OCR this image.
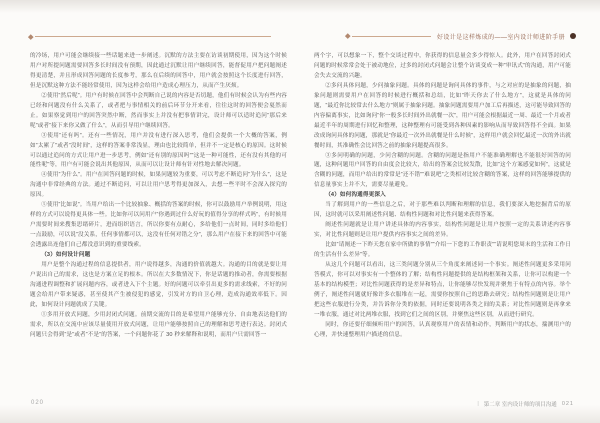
好设计是这样炼成的——室内设计师进阶手册

的冷场，用户可能会继续接一些话题来进一步阐述。沉默的方法主要在访谈初期使用，因为这个时候用户对所提问题需要回答多长时间没有预期，因此通过沉默让用户继续回答，能督促用户把问题阐述得更清楚，并且形成回答问题的长度参考，那么在后续的回答中，用户就会按照这个长度进行回答，但是沉默这种方法不能经常使用，因为这样会给用户造成心理压力，从而产生厌烦。

②使用“然后呢”。用户有时候在回答中会判断自己说的内容是否切题，他们有时候会认为有些内容已经和问题没有什么关系了，或者把与事情相关的前后环节分开来看，往往这时的回答便会戛然而止。如果察觉到用户的回答突然中断，然而事实上并没有把事情讲完，设计师可以适时追问“那后来呢”或者“接下来你又做了什么”，从而引导用户继续回答。

③使用“还有吗”。还有一些情况，用户并没有进行深入思考，他们会提供一个大概的答案，例如“太累了”或者“没时间”，这样的答案非常浅显，理由也比较简单，但并不一定是核心的原因。这时候可以通过追问的方式让用户进一步思考，例如“还有别的原因吗”“这是一种可能性，还有没有其他的可能性呢”等，用户有可能会说出其他原因，从而可以让设计师有针对性地去解决问题。

④使用“为什么”。用户在回答问题的时候，如果问题较为重要，可以考虑不断追问“为什么”，这是沟通中非常经典的方法。通过不断追问，可以让用户思考得更加深入，去想一些平时不会深入探究的原因。

⑤使用“比如说”。当用户给出一个比较抽象、概括的答案的时候，你可以鼓励用户举例说明，用这样的方式可以说得更具体一些。比如你可以问用户“你遇到过什么好玩的值得分享的样式吗”，有时候用户需要时间来搜集思绪碎片，进而组织语言，所以你要有点耐心，多给他们一点时间，同时多给他们一点鼓励，可以说“没关系，任何事情都可以，这没有任何对错之分”，那么用户在接下来的回答中可能会透露出连他们自己都没意识到的重要线索。

（3）如何设计问题

用户是整个沟通过程的信息提供者，用户说得越多，沟通的价值就越大。沟通的目的就是要让用户说出自己的需求，这也是方案立足的根本。所以在大多数情况下，你是话题的推动者，你需要根据沟通进程调整和扩展问题内容，或者进入下个主题。好的问题可以牵引出更多的需求线索，不好的问题会给用户带来疑惑，甚至使其产生被侵犯的感觉，引发对方的自卫心理，造成沟通效率低下。因此，如何设计问题就成了关键。

①多用开放式问题，少用封闭式问题。前期交流的目的是希望用户能够充分、自由地表达他们的需求，所以在交流中应该尽量使用开放式问题，让用户能够按照自己的理解和思考进行表达。封闭式问题只会得到“是”或者“不是”的答案，一个问题你花了 30 秒来解释和说明，而用户只需回答一

两个字，可以想象一下，整个交谈过程中，你获得的信息量会多少得惊人。此外，用户在回答封闭式问题的时候常常会处于被动地位，过多的封闭式问题会让整个访谈变成一种“审讯式”的沟通，用户可能会失去交流的兴趣。

②多问具体问题，少问抽象问题。具体的问题是询问具体的事件，与之对应的是抽象的问题，抽象问题则需要用户在回答的时候进行概括和总结，比如“昨天你去了什么地方”，这就是具体的问题，“最近你比较常去什么地方”则属于抽象问题。抽象问题需要用户加工后再描述，这可能导致回答的内容偏离事实，比如询问“你一般多长时间外出就餐一次”，用户可能会根据最近一周、最近一个月或者最近半年的周期进行回忆和整理，这种整理有可能受到各种因素的影响从而导致回答得不全面。如果改成询问具体的问题，那就是“你最近一次外出就餐是什么时候”，这样用户就会回忆最近一次的外出就餐时间，其准确性会比回答之前的抽象问题提高很多。

③多问明确的问题，少问含糊的问题。含糊的问题是指用户不能准确理解也不能很好回答的问题，这种问题用户回答的自由度会比较大，给出的答案会比较发散，比如“这个方案感觉如何”，这就是含糊的问题，而用户给出的常常是“还不错”“难说吧”之类相对比较含糊的答案，这样的回答能够提供的信息量事实上并不大，需要尽量避免。

（4）如何沟通得更深入

当了解到用户的一些信息之后，对于那些难以判断和理解的信息，我们要深入地挖掘背后的原因，这时就可以采用阐述性问题、结构性问题和对比性问题来获得答案。

阐述性问题就是让用户讲述具体的内容事实，结构性问题是让用户按照一定的关系讲述内容事实，对比性问题则是让用户提供内容事实之间的差异。

比如“请阐述一下昨天您在家中所做的事情”“介绍一下您的工作职责”“请说明您周末的生活和工作日的生活有什么差异”等。

从这几个问题可以看出，这三类问题分别从三个角度来阐述同一个事实。阐述性问题更多采用问答模式，你可以对事实有一个整体的了解；结构性问题提供的是结构框架和关系，让你可以构建一个基本的结构模型；对比性问题获得的是差异和特点，让你能够尽快发现并聚焦于有特点的内容。举个例子，阐述性问题就好像许多衣服堆在一起，需要你按照自己的思路去研究；结构性问题则是让用户把这些衣服进行分类，并告诉你分类的依据，同时还要说明各类之间的关系；对比性问题则是再拿来一堆衣服，通过对比两堆衣服，找到它们之间的区别，并聚焦这些区别，从而进行研究。

同时，你还要仔细倾听用户的回答，认真观察用户的表情和动作，判断用户的状态，揣测用户的心理，并快速整理用户描述的信息。

020	| 第二章 室内设计师的项目沟通 021
